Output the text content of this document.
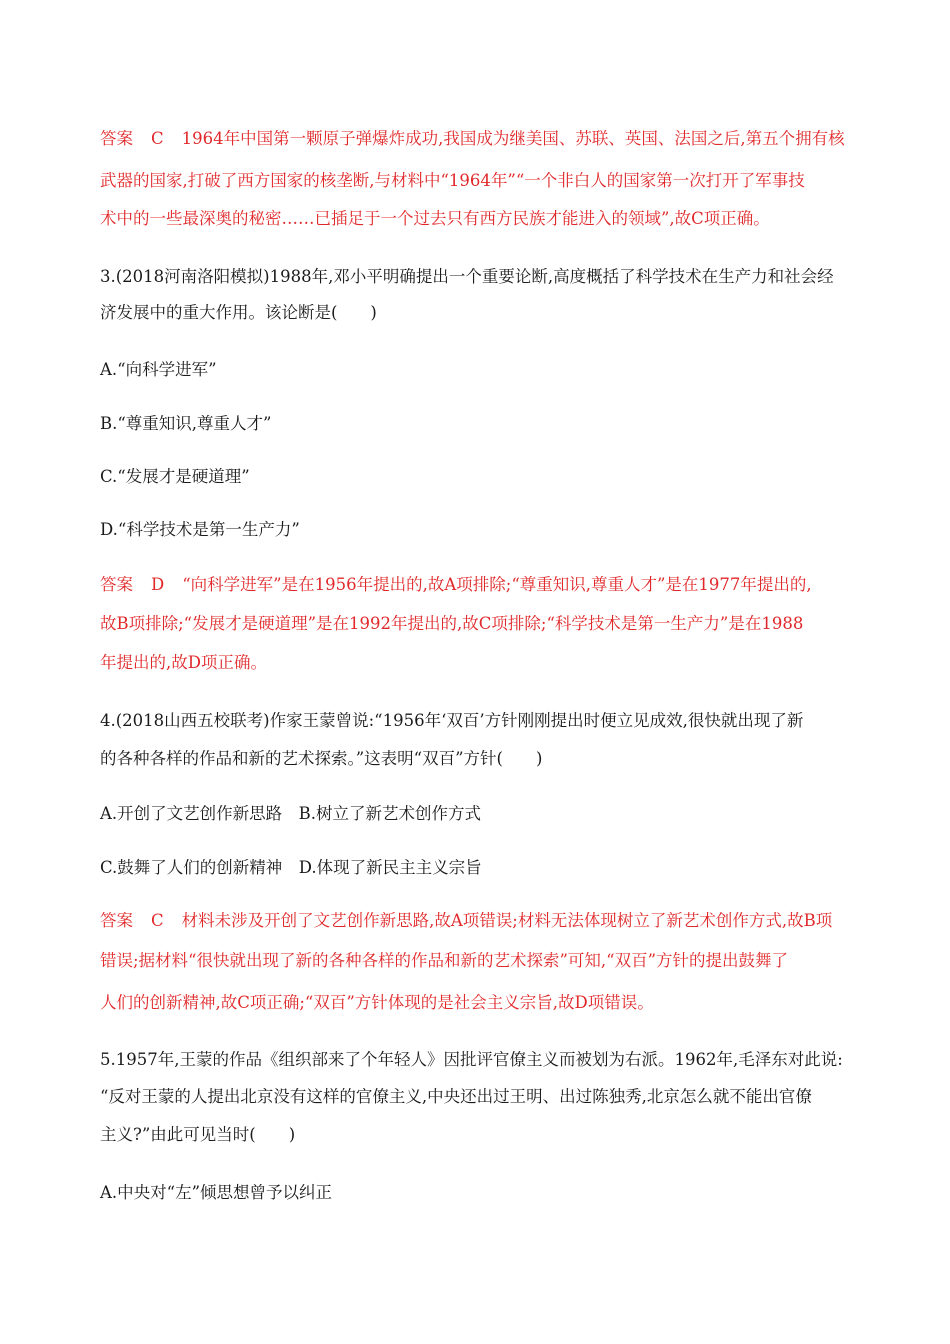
答案 C 1964年中国第一颗原子弹爆炸成功,我国成为继美国、苏联、英国、法国之后,第五个拥有核
武器的国家,打破了西方国家的核垄断,与材料中“1964年”“一个非白人的国家第一次打开了军事技
术中的一些最深奥的秘密……已插足于一个过去只有西方民族才能进入的领域”,故C项正确。
3.(2018河南洛阳模拟)1988年,邓小平明确提出一个重要论断,高度概括了科学技术在生产力和社会经
济发展中的重大作用。该论断是(　　)
A.“向科学进军”
B.“尊重知识,尊重人才”
C.“发展才是硬道理”
D.“科学技术是第一生产力”
答案 D “向科学进军”是在1956年提出的,故A项排除;“尊重知识,尊重人才”是在1977年提出的,
故B项排除;“发展才是硬道理”是在1992年提出的,故C项排除;“科学技术是第一生产力”是在1988
年提出的,故D项正确。
4.(2018山西五校联考)作家王蒙曾说:“1956年‘双百’方针刚刚提出时便立见成效,很快就出现了新
的各种各样的作品和新的艺术探索。”这表明“双百”方针(　　)
A.开创了文艺创作新思路　B.树立了新艺术创作方式
C.鼓舞了人们的创新精神　D.体现了新民主主义宗旨
答案 C 材料未涉及开创了文艺创作新思路,故A项错误;材料无法体现树立了新艺术创作方式,故B项
错误;据材料“很快就出现了新的各种各样的作品和新的艺术探索”可知,“双百”方针的提出鼓舞了
人们的创新精神,故C项正确;“双百”方针体现的是社会主义宗旨,故D项错误。
5.1957年,王蒙的作品《组织部来了个年轻人》因批评官僚主义而被划为右派。1962年,毛泽东对此说:
“反对王蒙的人提出北京没有这样的官僚主义,中央还出过王明、出过陈独秀,北京怎么就不能出官僚
主义?”由此可见当时(　　)
A.中央对“左”倾思想曾予以纠正
